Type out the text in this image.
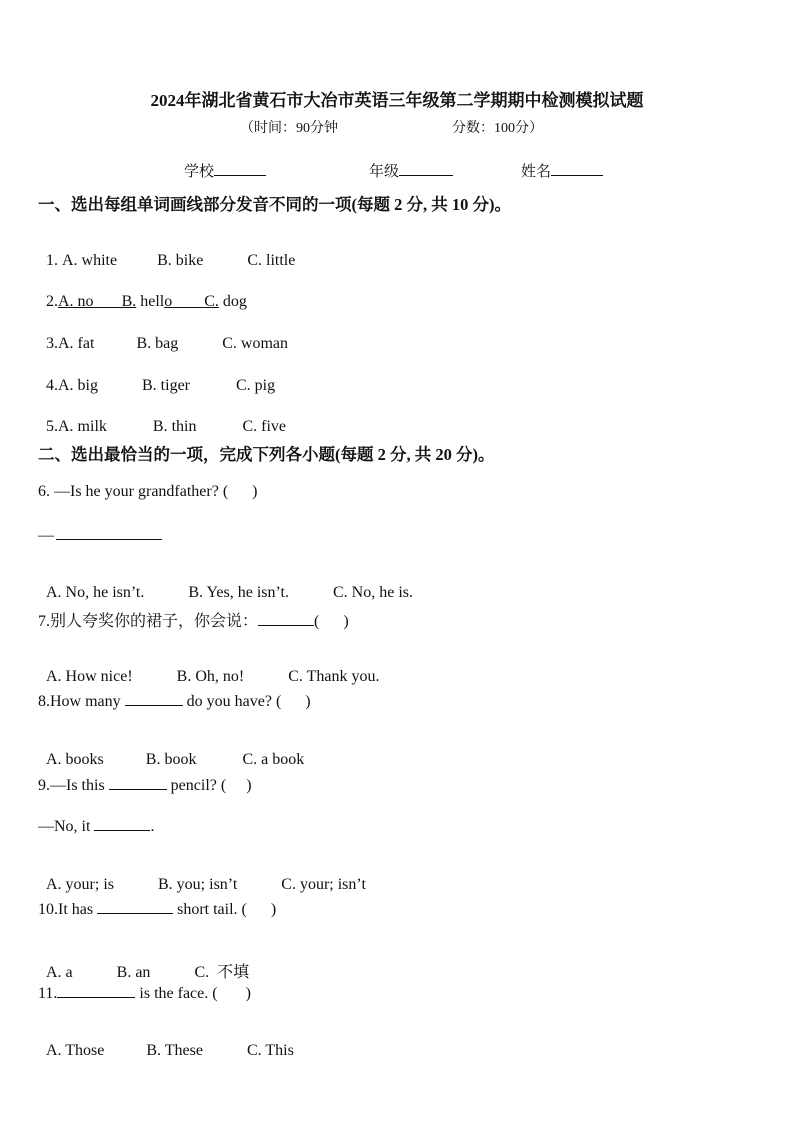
2024年湖北省黄石市大冶市英语三年级第二学期期中检测模拟试题
（时间：90分钟	分数：100分）
学校	年级	姓名
一、选出每组单词画线部分发音不同的一项(每题 2 分, 共 10 分)。

1. A. white	B. bike	C. little

2.A. no B. hello C. dog

3.A. fat	B. bag	C. woman

4.A. big	B. tiger	C. pig

5.A. milk	B. thin	C. five

二、选出最恰当的一项，完成下列各小题(每题 2 分, 共 20 分)。
6. —Is he your grandfather? (      )
—

A. No, he isn’t.	B. Yes, he isn’t.	C. No, he is.

7.别人夸奖你的裙子，你会说：	(      )

A. How nice!	B. Oh, no!	C. Thank you.

8.How many	do you have? (      )

A. books	B. book	C. a book

9.—Is this	pencil? (     )
—No, it	.

A. your; is	B. you; isn’t	C. your; isn’t

10.It has	short tail. (      )

A. a	B. an	C.  不填

11.	is the face. (       )

A. Those	B. These	C. This
